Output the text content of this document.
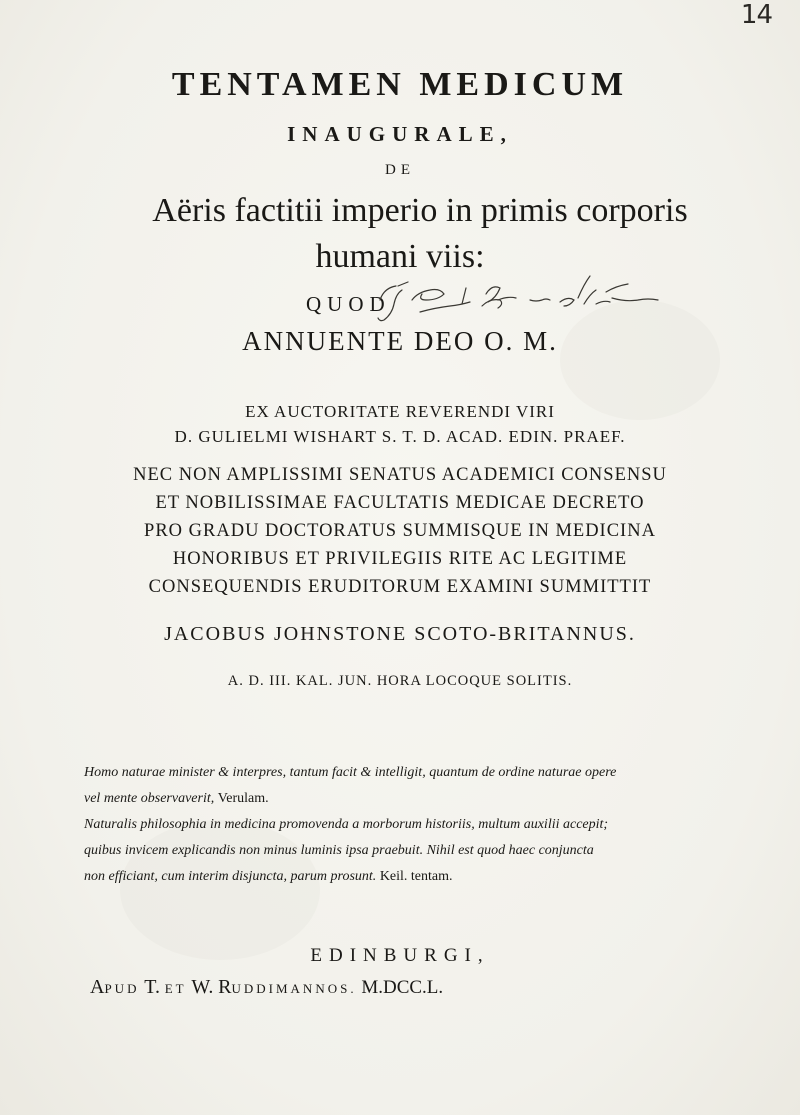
14
TENTAMEN MEDICUM
INAUGURALE,
DE
Aëris factitii imperio in primis corporis
humani viis:
QUOD
ANNUENTE DEO O. M.
EX AUCTORITATE REVERENDI VIRI
D. GULIELMI WISHART S. T. D. ACAD. EDIN. PRAEF.
NEC NON AMPLISSIMI SENATUS ACADEMICI CONSENSU
ET NOBILISSIMAE FACULTATIS MEDICAE DECRETO
PRO GRADU DOCTORATUS SUMMISQUE IN MEDICINA
HONORIBUS ET PRIVILEGIIS RITE AC LEGITIME
CONSEQUENDIS ERUDITORUM EXAMINI SUMMITTIT
JACOBUS JOHNSTONE SCOTO-BRITANNUS.
A. D. III. KAL. JUN. HORA LOCOQUE SOLITIS.
Homo naturae minister & interpres, tantum facit & intelligit, quantum de ordine naturae opere
vel mente observaverit, Verulam.
Naturalis philosophia in medicina promovenda a morborum historiis, multum auxilii accepit;
quibus invicem explicandis non minus luminis ipsa praebuit. Nihil est quod haec conjuncta
non efficiant, cum interim disjuncta, parum prosunt. Keil. tentam.
EDINBURGI,
APUD T. ET W. RUDDIMANNOS. M.DCC.L.
